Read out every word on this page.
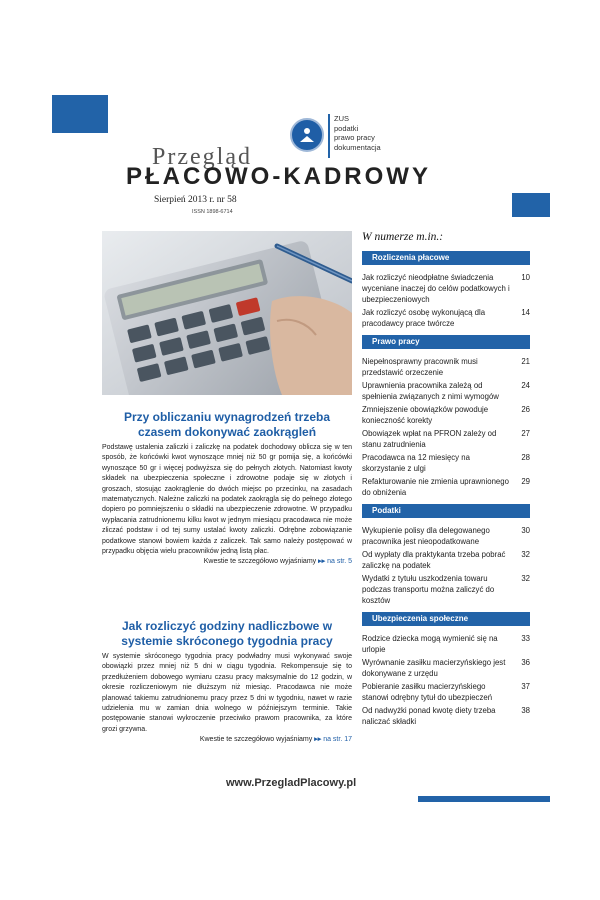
ZUS
podatki
prawo pracy
dokumentacja
Przegląd
PŁACOWO-KADROWY
Sierpień 2013 r. nr 58
ISSN 1898-6714
Przy obliczaniu wynagrodzeń trzeba czasem dokonywać zaokrągleń
Podstawę ustalenia zaliczki i zaliczkę na podatek dochodowy oblicza się w ten sposób, że końcówki kwot wynoszące mniej niż 50 gr pomija się, a końcówki wynoszące 50 gr i więcej podwyższa się do pełnych złotych. Natomiast kwoty składek na ubezpieczenia społeczne i zdrowotne podaje się w złotych i groszach, stosując zaokrąglenie do dwóch miejsc po przecinku, na zasadach matematycznych. Należne zaliczki na podatek zaokrągla się do pełnego złotego dopiero po pomniejszeniu o składki na ubezpieczenie zdrowotne. W przypadku wypłacania zatrudnionemu kilku kwot w jednym miesiącu pracodawca nie może zliczać podstaw i od tej sumy ustalać kwoty zaliczki. Odrębne zobowiązanie podatkowe stanowi bowiem każda z zaliczek. Tak samo należy postępować w przypadku objęcia wielu pracowników jedną listą płac.
Kwestie te szczegółowo wyjaśniamy ▸▸ na str. 5
Jak rozliczyć godziny nadliczbowe w systemie skróconego tygodnia pracy
W systemie skróconego tygodnia pracy podwładny musi wykonywać swoje obowiązki przez mniej niż 5 dni w ciągu tygodnia. Rekompensuje się to przedłużeniem dobowego wymiaru czasu pracy maksymalnie do 12 godzin, w okresie rozliczeniowym nie dłuższym niż miesiąc. Pracodawca nie może planować takiemu zatrudnionemu pracy przez 5 dni w tygodniu, nawet w razie udzielenia mu w zamian dnia wolnego w późniejszym terminie. Takie postępowanie stanowi wykroczenie przeciwko prawom pracownika, za które grozi grzywna.
Kwestie te szczegółowo wyjaśniamy ▸▸ na str. 17
W numerze m.in.:
Rozliczenia płacowe
Jak rozliczyć nieodpłatne świadczenia wyceniane inaczej do celów podatkowych i ubezpieczeniowych
10
Jak rozliczyć osobę wykonującą dla pracodawcy prace twórcze
14
Prawo pracy
Niepełnosprawny pracownik musi przedstawić orzeczenie
21
Uprawnienia pracownika zależą od spełnienia związanych z nimi wymogów
24
Zmniejszenie obowiązków powoduje konieczność korekty
26
Obowiązek wpłat na PFRON zależy od stanu zatrudnienia
27
Pracodawca na 12 miesięcy na skorzystanie z ulgi
28
Refakturowanie nie zmienia uprawnionego do obniżenia
29
Podatki
Wykupienie polisy dla delegowanego pracownika jest nieopodatkowane
30
Od wypłaty dla praktykanta trzeba pobrać zaliczkę na podatek
32
Wydatki z tytułu uszkodzenia towaru podczas transportu można zaliczyć do kosztów
32
Ubezpieczenia społeczne
Rodzice dziecka mogą wymienić się na urlopie
33
Wyrównanie zasiłku macierzyńskiego jest dokonywane z urzędu
36
Pobieranie zasiłku macierzyńskiego stanowi odrębny tytuł do ubezpieczeń
37
Od nadwyżki ponad kwotę diety trzeba naliczać składki
38
www.PrzegladPlacowy.pl
